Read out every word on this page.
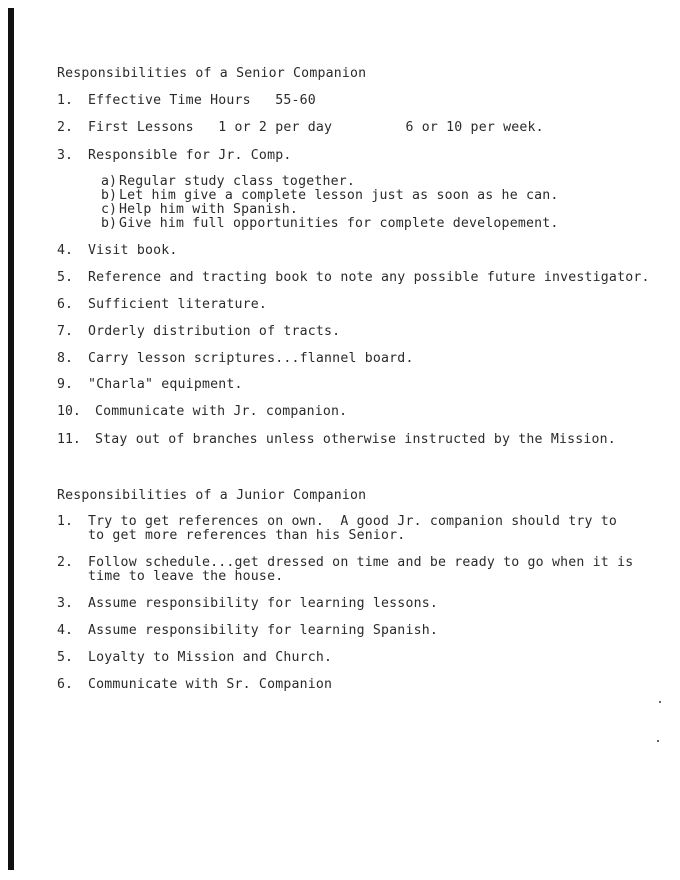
Responsibilities of a Senior Companion
1. Effective Time Hours   55-60
2. First Lessons   1 or 2 per day         6 or 10 per week.
3. Responsible for Jr. Comp.
a) Regular study class together.
b) Let him give a complete lesson just as soon as he can.
c) Help him with Spanish.
b) Give him full opportunities for complete developement.
4. Visit book.
5. Reference and tracting book to note any possible future investigator.
6. Sufficient literature.
7. Orderly distribution of tracts.
8. Carry lesson scriptures...flannel board.
9. "Charla" equipment.
10. Communicate with Jr. companion.
11. Stay out of branches unless otherwise instructed by the Mission.
Responsibilities of a Junior Companion
1. Try to get references on own.  A good Jr. companion should try to
to get more references than his Senior.
2. Follow schedule...get dressed on time and be ready to go when it is
time to leave the house.
3. Assume responsibility for learning lessons.
4. Assume responsibility for learning Spanish.
5. Loyalty to Mission and Church.
6. Communicate with Sr. Companion
